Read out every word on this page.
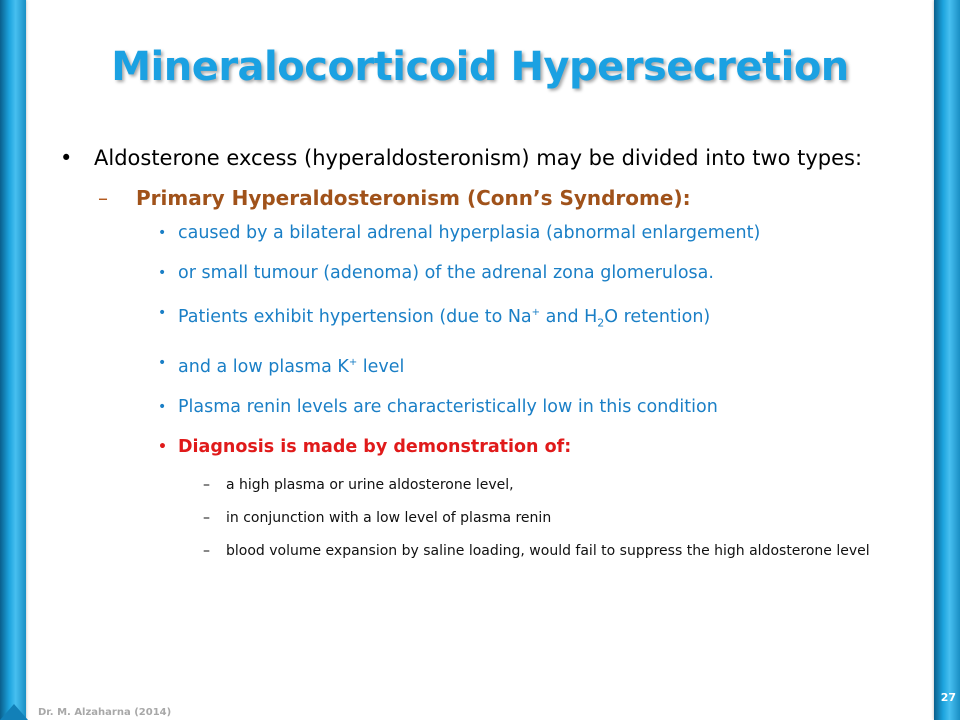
Mineralocorticoid Hypersecretion
• Aldosterone excess (hyperaldosteronism) may be divided into two types:
– Primary Hyperaldosteronism (Conn’s Syndrome):
• caused by a bilateral adrenal hyperplasia (abnormal enlargement)
• or small tumour (adenoma) of the adrenal zona glomerulosa.
• Patients exhibit hypertension (due to Na+ and $H_2O$ retention)
• and a low plasma K+ level
• Plasma renin levels are characteristically low in this condition
• Diagnosis is made by demonstration of:
– a high plasma or urine aldosterone level,
– in conjunction with a low level of plasma renin
– blood volume expansion by saline loading, would fail to suppress the high aldosterone level
Dr. M. Alzaharna (2014)
27
